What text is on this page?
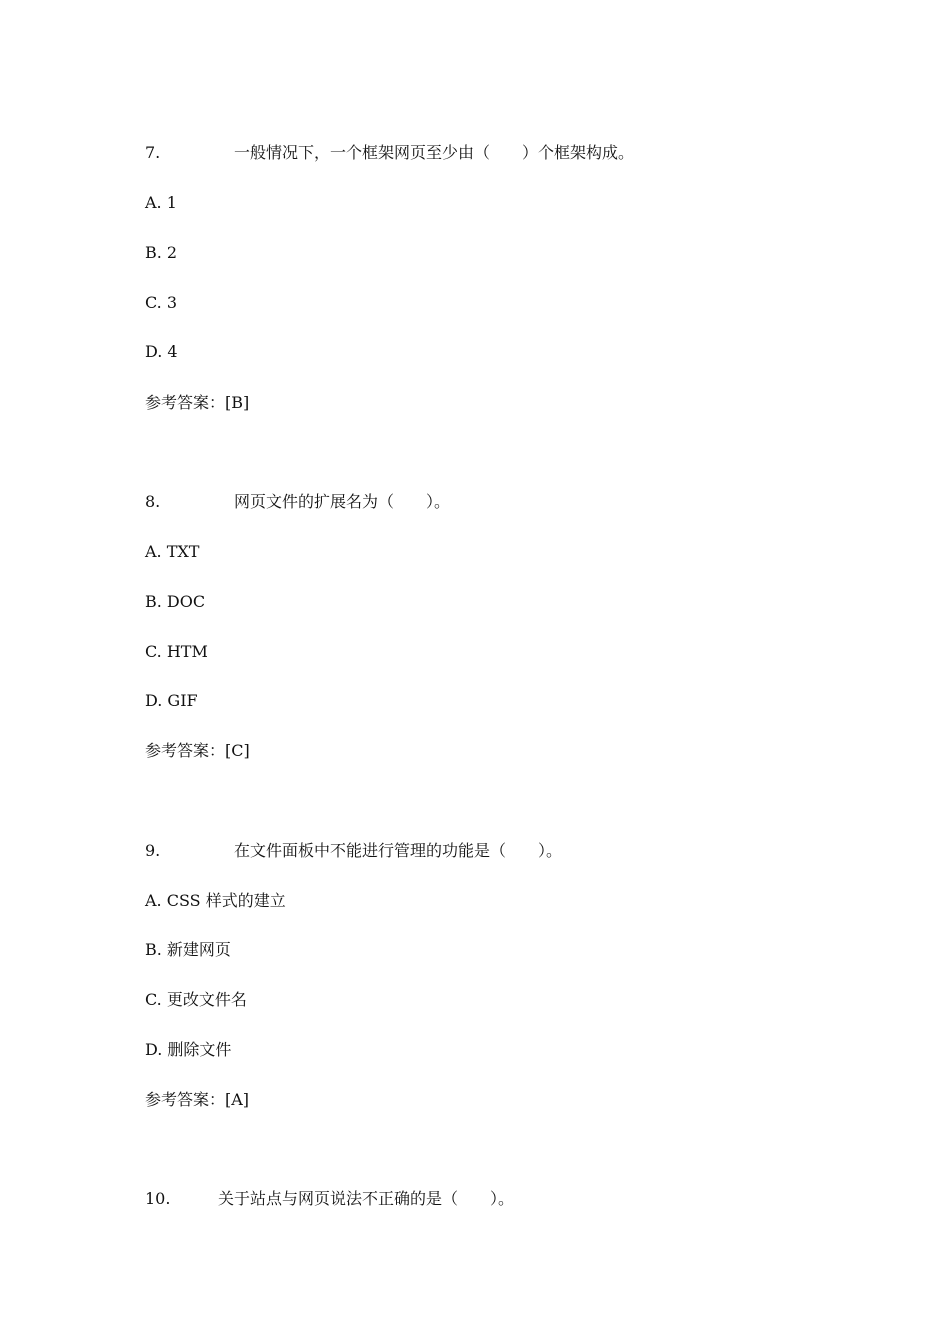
7.	一般情况下，一个框架网页至少由（　　）个框架构成。
A. 1
B. 2
C. 3
D. 4
参考答案：[B]
8.	网页文件的扩展名为（　　）。
A. TXT
B. DOC
C. HTM
D. GIF
参考答案：[C]
9.	在文件面板中不能进行管理的功能是（　　）。
A. CSS 样式的建立
B. 新建网页
C. 更改文件名
D. 删除文件
参考答案：[A]
10.	关于站点与网页说法不正确的是（　　）。
